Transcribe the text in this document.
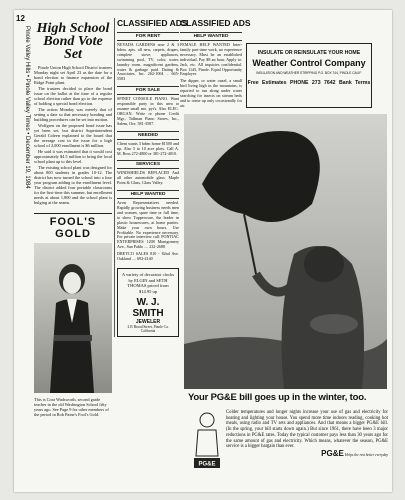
Pinole Valley Hills • Pinole Valley Times • December 19, 1984
12
High School Bond Vote Set

Pinole Union High School District trustees Monday night set April 23 as the date for a bond election to finance expansion of the Ridge Point plant.

The trustees decided to place the bond issue on the ballot at the time of a regular school election rather than go to the expense of holding a special bond election.

The action Monday was merely that of setting a date so that necessary bonding and building procedures can be set into motion.

Wolfgren on the proposed bond issue has yet been set, but district Superintendent Gerald Coleen explained to the board that the average cost in the issue for a high school of 2,000 enrollment is $6 million.

He said it was estimated that it would cost approximately $4.5 million to bring the local school plant up to this level.

The existing school plant was designed for about 800 students in grades 10-12. The district has now turned the school into a four year program adding to the enrollment level. The district added four portable classrooms for the first-time this summer, but enrollment needs at about 1,800 and the school plant is bulging at the seams.

FOOL'S GOLD
This is Cora Wadsworth, second grade teacher in the old Washington School fifty years ago. See Page 9 for other members of the period in Rob Paine's Fool's Gold.
CLASSIFIED ADS
FOR RENT
NEVADA GARDENS now 2 & 3 bdrm. apts. all new, carpets, drapes, complete stove, appliances, swimming pool, TV, color, water, laundry room, magnificent gardens, water & garbage paid. Dating & Associates, Inc. 262-1004 .. 665-5583
FOR SALE
SPINET CONSOLE PIANO. Want responsible party in this area to assume small mo. pyt's. Also ELEC. ORGAN. Write or phone Credit Mgr., Tallman Piano Stores, Inc., Salem, Ore. 581-3587.
NEEDED
Client wants 3 bdrm home $1500 and up. Also 5 to 10 acre plots. Call A. M. Ross 272-4800 or 381-272-4010.
SERVICES
WINDSHIELDS REPLACED And all other automobile glass. Maple Point & Glass, Glass Valley.
HELP WANTED
Avon Representatives needed. Rapidly growing business needs men and women, spare time or full time, to show Tupperware, the leader in plastic housewares, at home parties. Make your own hours. Use Profitable. No experience necessary. For private interview call: PONTIAC ENTERPRISES 1208 Montgomery Ave., San Pablo .... 232-2688
DREYCO SALES 810 - 82nd Ave. Oakland .... 692-4140
A variety of decorator clocks by ELGIN and SETH THOMAS priced from $14.95 up
W. J. SMITH
JEWELER
215 Broad Street, Pinole Ca. California
CLASSIFIED ADS
HELP WANTED
FEMALE HELP WANTED Inter-family part-time work, no experience necessary. Must be an established individual. Pay $8 an hour. Apply to: Jack, etc. All inquiries confidential. Box 1145, Pinole. Equal Opportunity Employer.
The dipper, or water ouzel, a small bird living high in the mountains, is reported to run along under water searching for insects on stream beds and to come up only occasionally for air.
INSULATE OR REINSULATE YOUR HOME
Weather Control Company
INSULATION AND WEATHER STRIPPING P.O. BOX 744, PINOLE CALIF.
Free Estimates PHONE 273 7642 Bank Terms
Your PG&E bill goes up in the winter, too.
PG&E
Colder temperatures and longer nights increase your use of gas and electricity for heating and lighting your house. You spend more time indoors reading, cooking hot meals, using radio and TV sets and appliances. And that means a bigger PG&E bill. (In the spring, your bill starts down again.) But since 1961, there have been 3 major reductions in PG&E rates. Today the typical customer pays less than 30 years ago for the same amount of gas and electricity. Which means, whatever the season, PG&E service is a bigger bargain than ever.
PG&E Helps the rest better everyday
